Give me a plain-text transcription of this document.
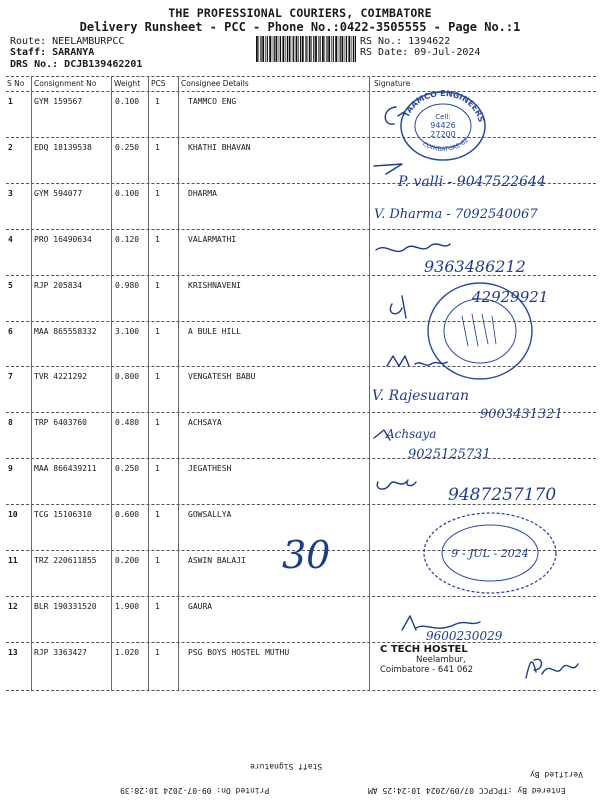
THE PROFESSIONAL COURIERS, COIMBATORE
Delivery Runsheet - PCC - Phone No.:0422-3505555 - Page No.:1
Route: NEELAMBURPCC
Staff: SARANYA
DRS No.: DCJB139462201
RS No.: 1394622
RS Date: 09-Jul-2024
S No Consignment No Weight PCS Consignee Details	Signature
1	GYM 159567	0.100 1	TAMMCO ENG
2	EDQ 18139538	0.250 1	KHATHI BHAVAN
3	GYM 594077	0.100 1	DHARMA
4	PRO 16490634	0.120 1	VALARMATHI
5	RJP 205834	0.980 1	KRISHNAVENI
6	MAA 865558332 3.100 1	A BULE HILL
7	TVR 4221292	0.800 1	VENGATESH BABU
8	TRP 6403760	0.480 1	ACHSAYA
9	MAA 866439211 0.250 1	JEGATHESH
10 TCG 15106310	0.600 1	GOWSALLYA
11 TRZ 220611855 0.200 1	ASWIN BALAJI
12 BLR 190331520 1.900 1	GAURA
13 RJP 3363427	1.020 1	PSG BOYS HOSTEL MUTHU
TAAMCO ENGINEERS
COIMBATORE-62
Cell:
94426
27200
P. valli - 9047522644
V. Dharma - 7092540067
9363486212
42929921
V. Rajesuaran
9003431321
Achsaya
9025125731
9487257170
9 - JUL - 2024
30
9600230029
C TECH HOSTEL
Neelambur,
Coimbatore - 641 062
Staff Signature
Verified By
Printed On: 09-07-2024 10:28:39	Entered By :TPCPCC 07/09/2024 10:24:25 AM
